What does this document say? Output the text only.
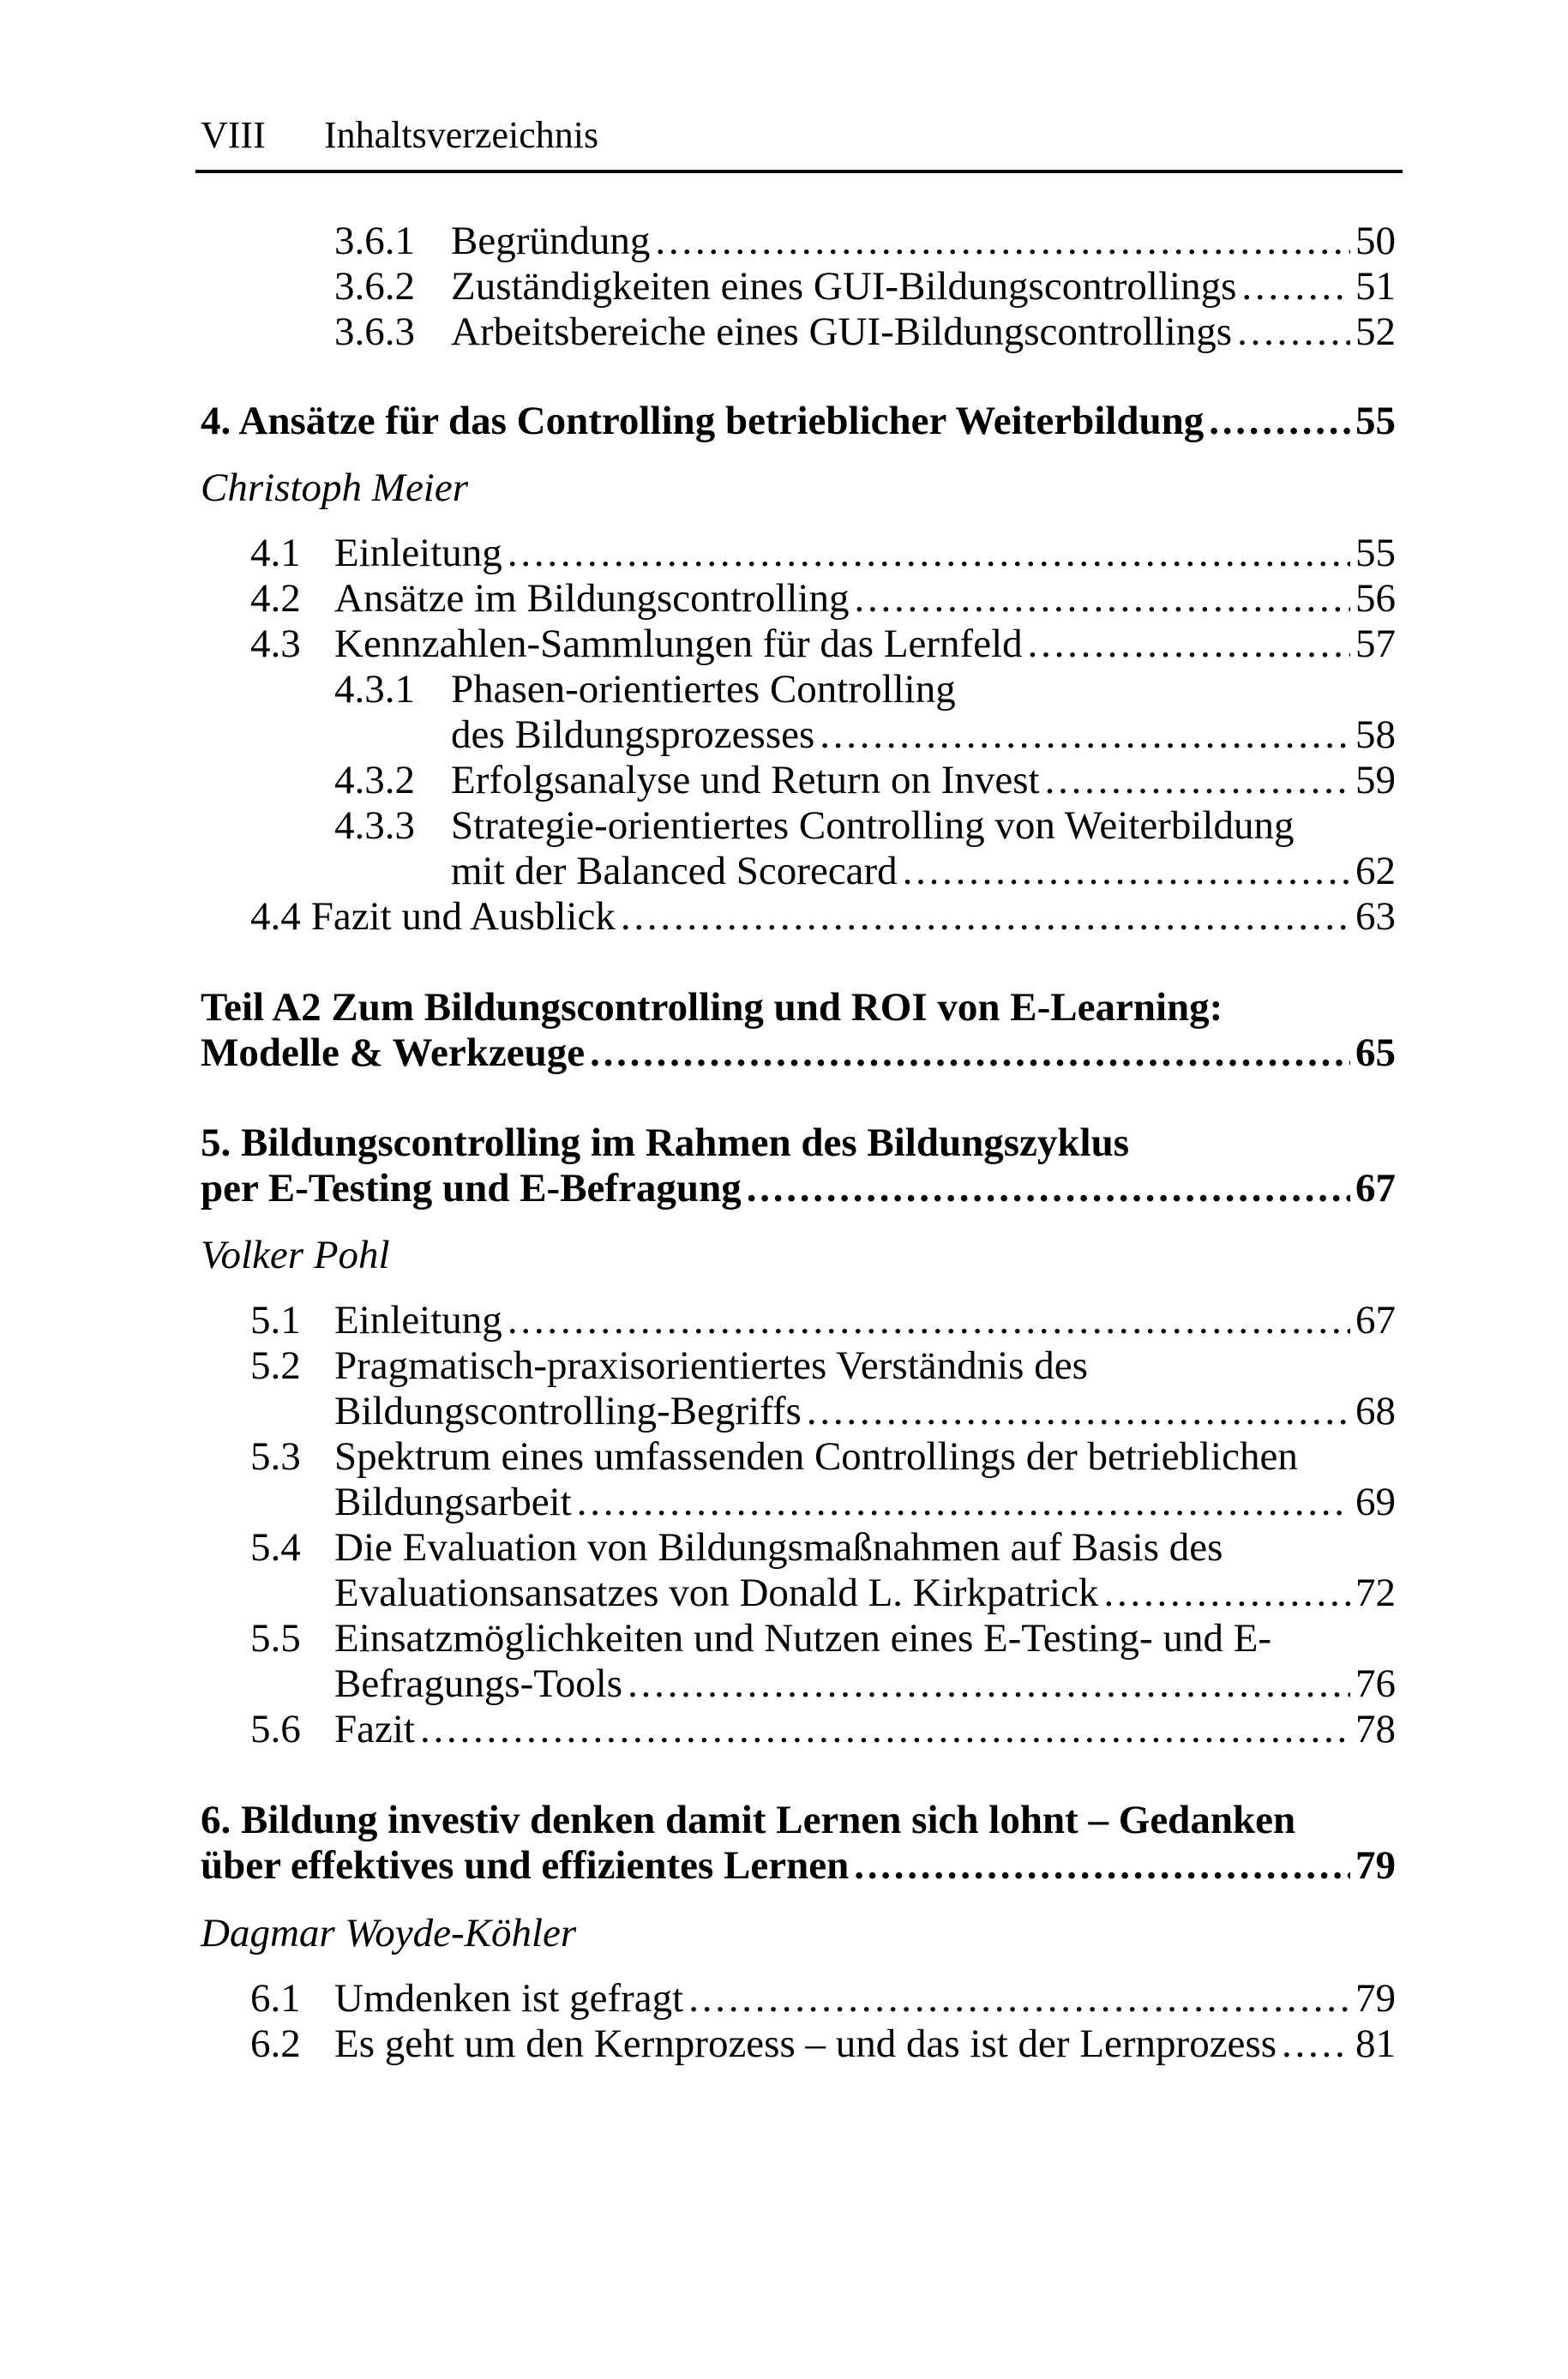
VIII Inhaltsverzeichnis
3.6.1 Begründung . . .	50
3.6.2 Zuständigkeiten eines GUI-Bildungscontrollings . . .	51
3.6.3 Arbeitsbereiche eines GUI-Bildungscontrollings . . .	52
4. Ansätze für das Controlling betrieblicher Weiterbildung . . .	55
Christoph Meier
4.1 Einleitung . . .	55
4.2 Ansätze im Bildungscontrolling . . .	56
4.3 Kennzahlen-Sammlungen für das Lernfeld . . .	57
4.3.1 Phasen-orientiertes Controlling
des Bildungsprozesses . . .	58
4.3.2 Erfolgsanalyse und Return on Invest . . .	59
4.3.3 Strategie-orientiertes Controlling von Weiterbildung
mit der Balanced Scorecard . . .	62
4.4 Fazit und Ausblick . . .	63
Teil A2 Zum Bildungscontrolling und ROI von E-Learning:
Modelle & Werkzeuge . . .	65
5. Bildungscontrolling im Rahmen des Bildungszyklus
per E-Testing und E-Befragung . . .	67
Volker Pohl
5.1 Einleitung . . .	67
5.2 Pragmatisch-praxisorientiertes Verständnis des
Bildungscontrolling-Begriffs . . .	68
5.3 Spektrum eines umfassenden Controllings der betrieblichen
Bildungsarbeit . . .	69
5.4 Die Evaluation von Bildungsmaßnahmen auf Basis des
Evaluationsansatzes von Donald L. Kirkpatrick . . .	72
5.5 Einsatzmöglichkeiten und Nutzen eines E-Testing- und E-
Befragungs-Tools . . .	76
5.6 Fazit . . .	78
6. Bildung investiv denken damit Lernen sich lohnt – Gedanken
über effektives und effizientes Lernen . . .	79
Dagmar Woyde-Köhler
6.1 Umdenken ist gefragt . . .	79
6.2 Es geht um den Kernprozess – und das ist der Lernprozess . . . 81
